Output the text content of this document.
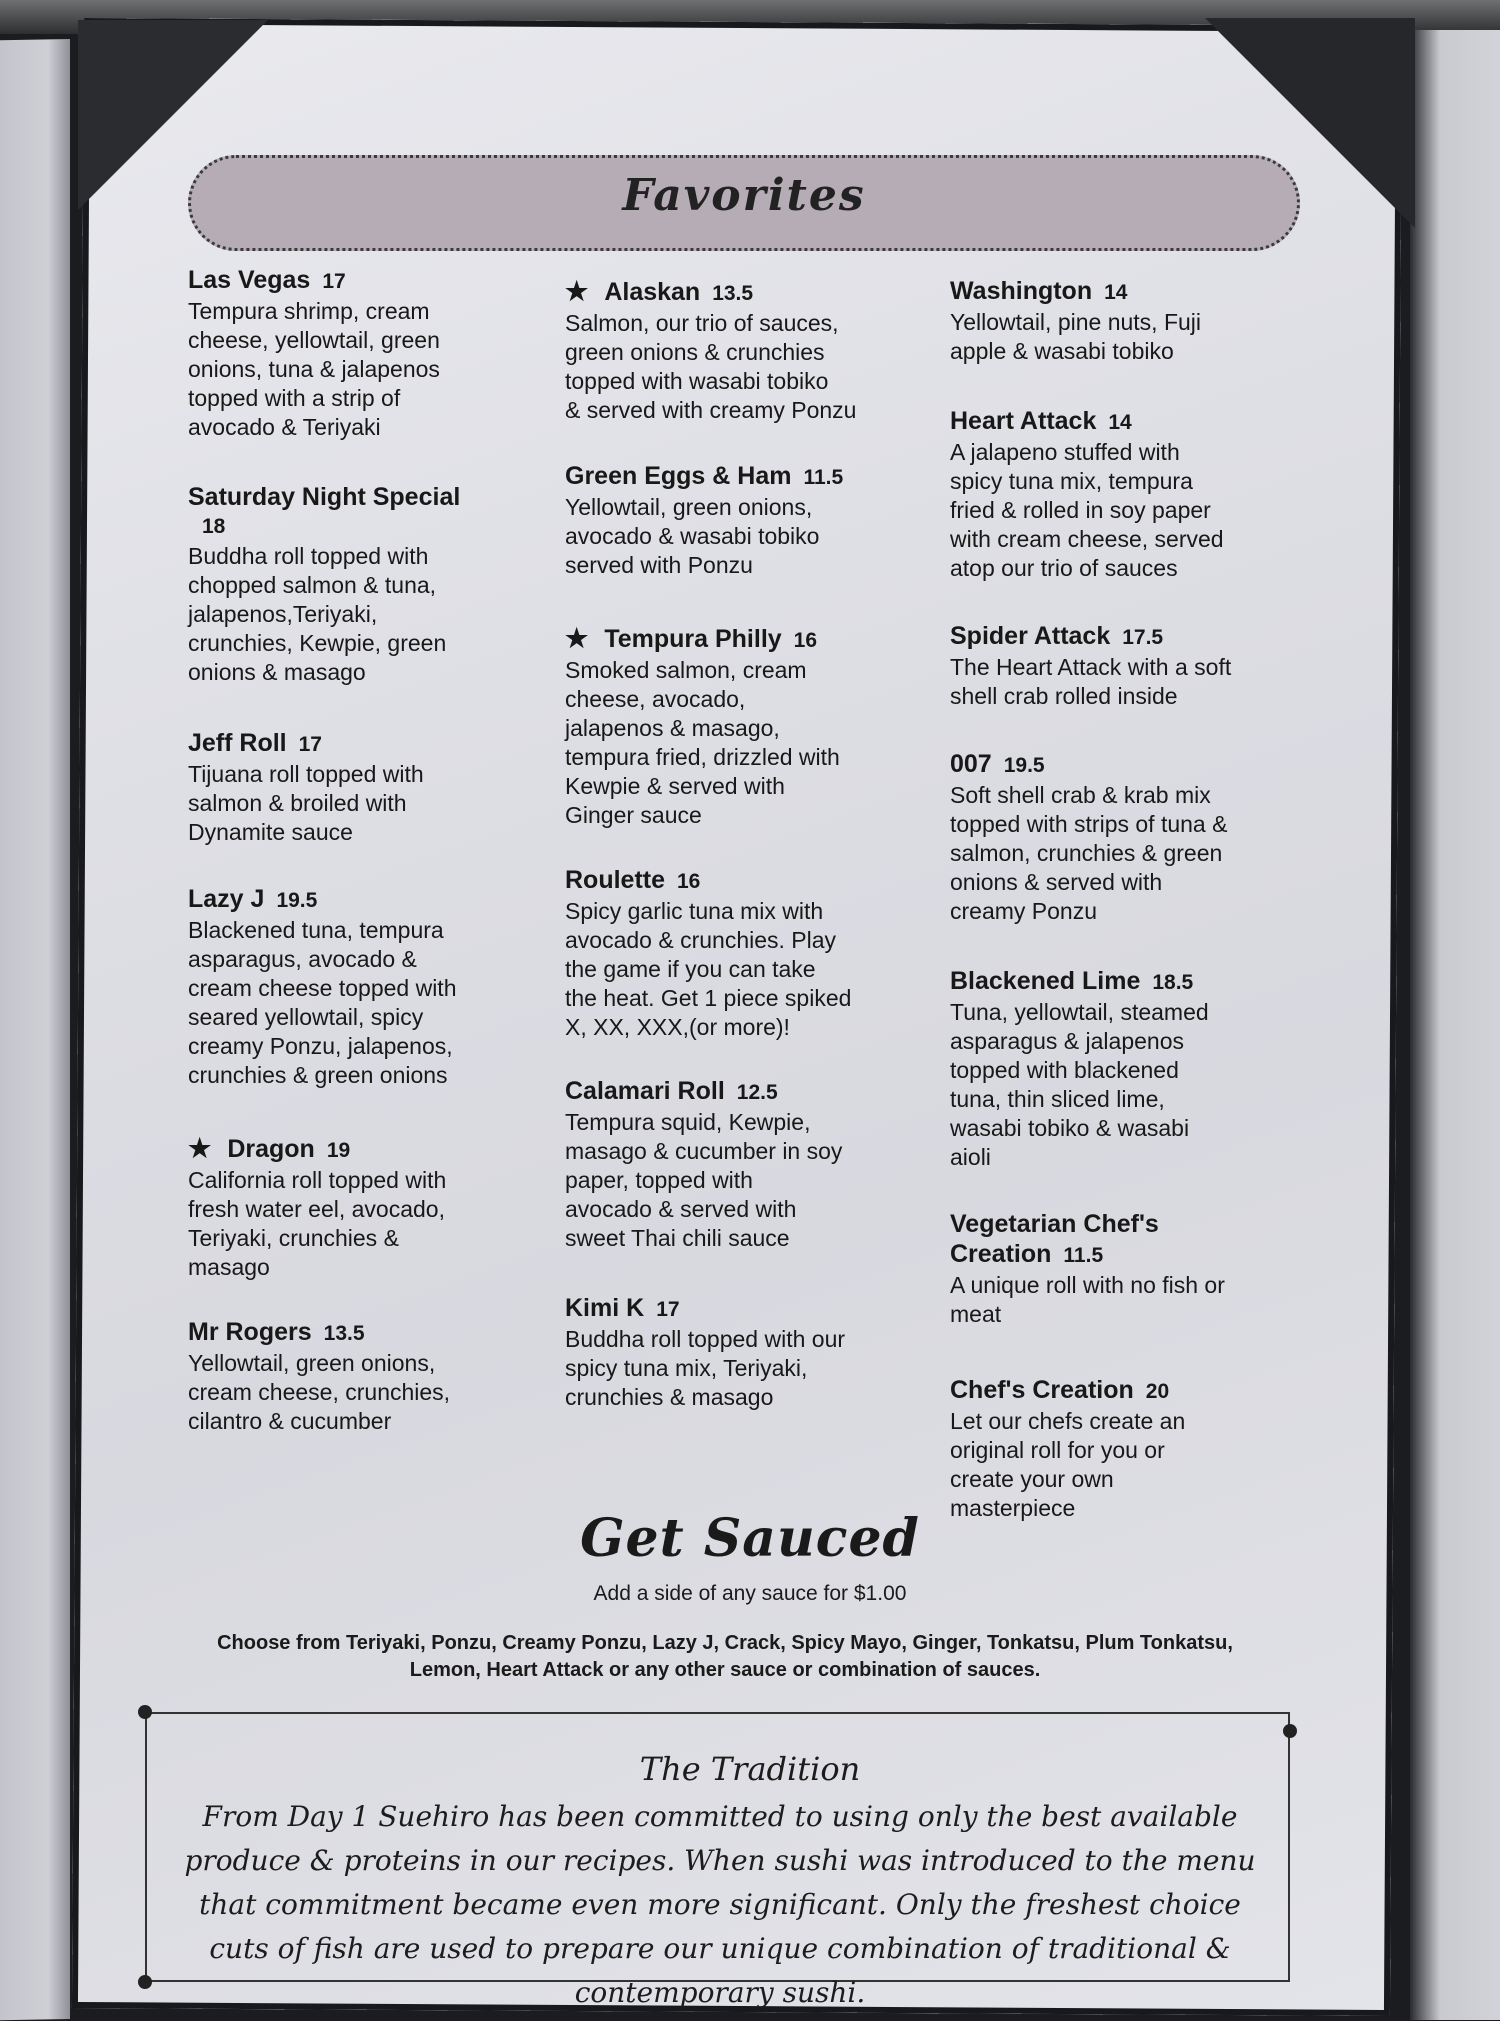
Favorites
Las Vegas 17
Tempura shrimp, cream
cheese, yellowtail, green
onions, tuna & jalapenos
topped with a strip of
avocado & Teriyaki
Saturday Night Special
18
Buddha roll topped with
chopped salmon & tuna,
jalapenos,Teriyaki,
crunchies, Kewpie, green
onions & masago
Jeff Roll 17
Tijuana roll topped with
salmon & broiled with
Dynamite sauce
Lazy J 19.5
Blackened tuna, tempura
asparagus, avocado &
cream cheese topped with
seared yellowtail, spicy
creamy Ponzu, jalapenos,
crunchies & green onions
★ Dragon 19
California roll topped with
fresh water eel, avocado,
Teriyaki, crunchies &
masago
Mr Rogers 13.5
Yellowtail, green onions,
cream cheese, crunchies,
cilantro & cucumber
★ Alaskan 13.5
Salmon, our trio of sauces,
green onions & crunchies
topped with wasabi tobiko
& served with creamy Ponzu
Green Eggs & Ham 11.5
Yellowtail, green onions,
avocado & wasabi tobiko
served with Ponzu
★ Tempura Philly 16
Smoked salmon, cream
cheese, avocado,
jalapenos & masago,
tempura fried, drizzled with
Kewpie & served with
Ginger sauce
Roulette 16
Spicy garlic tuna mix with
avocado & crunchies. Play
the game if you can take
the heat. Get 1 piece spiked
X, XX, XXX,(or more)!
Calamari Roll 12.5
Tempura squid, Kewpie,
masago & cucumber in soy
paper, topped with
avocado & served with
sweet Thai chili sauce
Kimi K 17
Buddha roll topped with our
spicy tuna mix, Teriyaki,
crunchies & masago
Washington 14
Yellowtail, pine nuts, Fuji
apple & wasabi tobiko
Heart Attack 14
A jalapeno stuffed with
spicy tuna mix, tempura
fried & rolled in soy paper
with cream cheese, served
atop our trio of sauces
Spider Attack 17.5
The Heart Attack with a soft
shell crab rolled inside
007 19.5
Soft shell crab & krab mix
topped with strips of tuna &
salmon, crunchies & green
onions & served with
creamy Ponzu
Blackened Lime 18.5
Tuna, yellowtail, steamed
asparagus & jalapenos
topped with blackened
tuna, thin sliced lime,
wasabi tobiko & wasabi
aioli
Vegetarian Chef's
Creation 11.5
A unique roll with no fish or
meat
Chef's Creation 20
Let our chefs create an
original roll for you or
create your own
masterpiece
Get Sauced
Add a side of any sauce for $1.00
Choose from Teriyaki, Ponzu, Creamy Ponzu, Lazy J, Crack, Spicy Mayo, Ginger, Tonkatsu, Plum Tonkatsu, Lemon, Heart Attack or any other sauce or combination of sauces.
The Tradition
From Day 1 Suehiro has been committed to using only the best available produce & proteins in our recipes. When sushi was introduced to the menu that commitment became even more significant. Only the freshest choice cuts of fish are used to prepare our unique combination of traditional & contemporary sushi.
